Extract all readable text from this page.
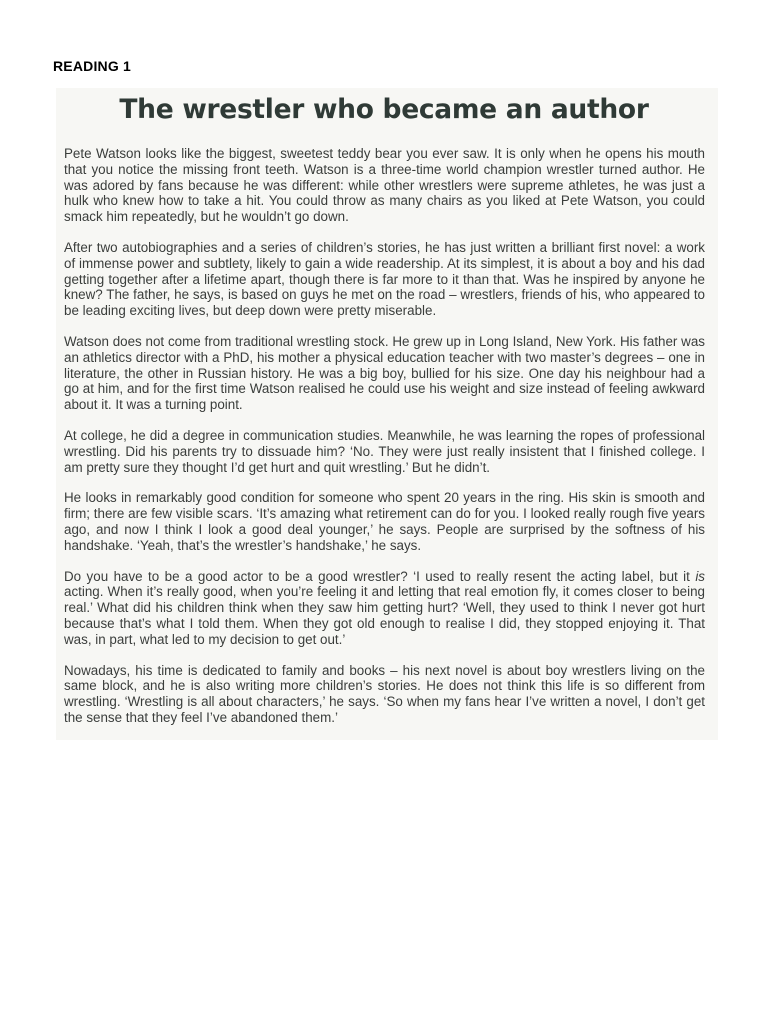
READING 1
The wrestler who became an author

Pete Watson looks like the biggest, sweetest teddy bear you ever saw. It is only when he opens his mouth that you notice the missing front teeth. Watson is a three-time world champion wrestler turned author. He was adored by fans because he was different: while other wrestlers were supreme athletes, he was just a hulk who knew how to take a hit. You could throw as many chairs as you liked at Pete Watson, you could smack him repeatedly, but he wouldn’t go down.

After two autobiographies and a series of children’s stories, he has just written a brilliant first novel: a work of immense power and subtlety, likely to gain a wide readership. At its simplest, it is about a boy and his dad getting together after a lifetime apart, though there is far more to it than that. Was he inspired by anyone he knew? The father, he says, is based on guys he met on the road – wrestlers, friends of his, who appeared to be leading exciting lives, but deep down were pretty miserable.

Watson does not come from traditional wrestling stock. He grew up in Long Island, New York. His father was an athletics director with a PhD, his mother a physical education teacher with two master’s degrees – one in literature, the other in Russian history. He was a big boy, bullied for his size. One day his neighbour had a go at him, and for the first time Watson realised he could use his weight and size instead of feeling awkward about it. It was a turning point.

At college, he did a degree in communication studies. Meanwhile, he was learning the ropes of professional wrestling. Did his parents try to dissuade him? ‘No. They were just really insistent that I finished college. I am pretty sure they thought I’d get hurt and quit wrestling.’ But he didn’t.

He looks in remarkably good condition for someone who spent 20 years in the ring. His skin is smooth and firm; there are few visible scars. ‘It’s amazing what retirement can do for you. I looked really rough five years ago, and now I think I look a good deal younger,’ he says. People are surprised by the softness of his handshake. ‘Yeah, that’s the wrestler’s handshake,’ he says.

Do you have to be a good actor to be a good wrestler? ‘I used to really resent the acting label, but it is acting. When it’s really good, when you’re feeling it and letting that real emotion fly, it comes closer to being real.’ What did his children think when they saw him getting hurt? ‘Well, they used to think I never got hurt because that’s what I told them. When they got old enough to realise I did, they stopped enjoying it. That was, in part, what led to my decision to get out.’

Nowadays, his time is dedicated to family and books – his next novel is about boy wrestlers living on the same block, and he is also writing more children’s stories. He does not think this life is so different from wrestling. ‘Wrestling is all about characters,’ he says. ‘So when my fans hear I’ve written a novel, I don’t get the sense that they feel I’ve abandoned them.’
